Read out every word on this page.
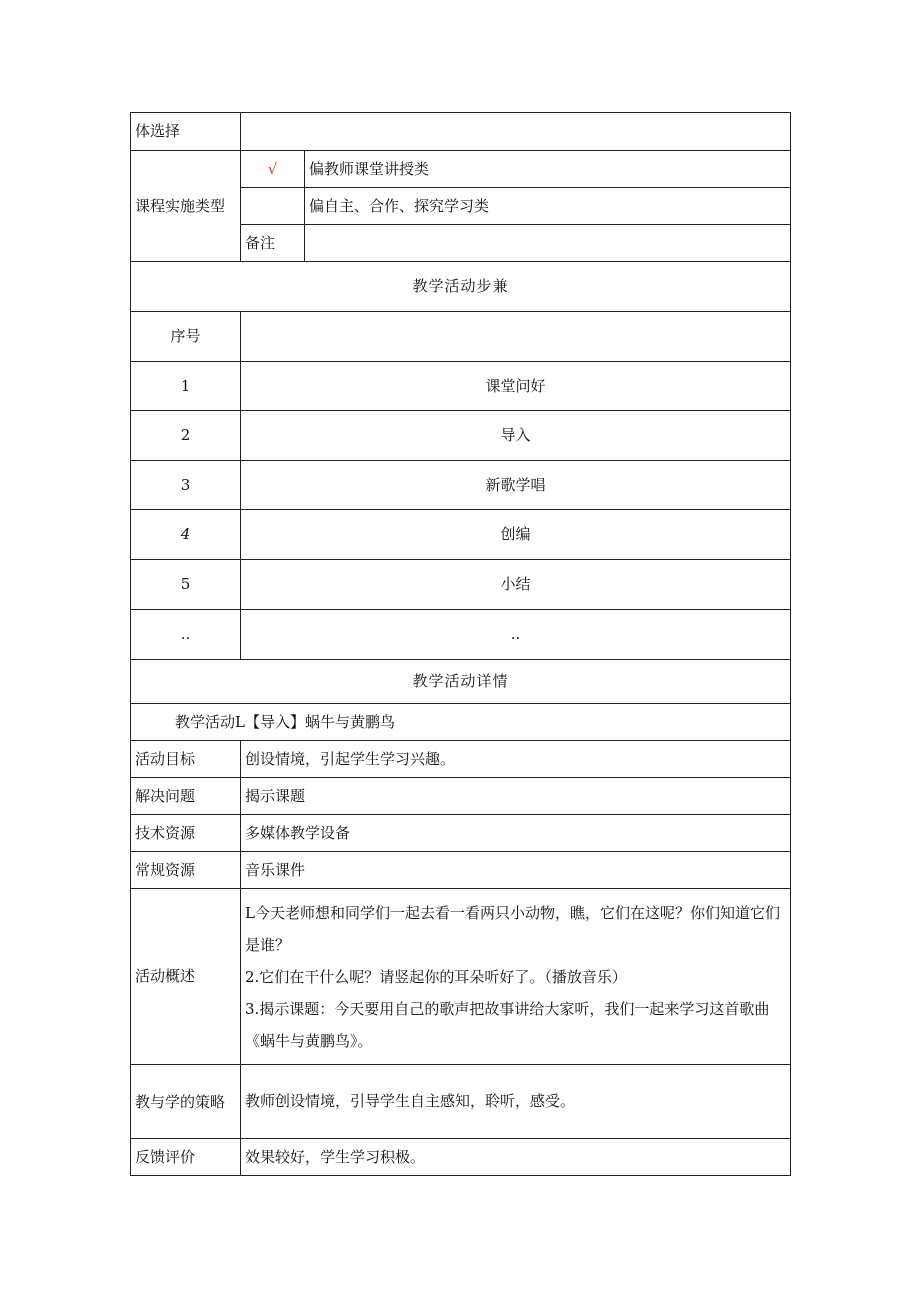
体选择		
课程实施类型	√	偏教师课堂讲授类
		偏自主、合作、探究学习类
	备注	
教学活动步兼	
序号	
1	课堂问好
2	导入
3	新歌学唱
4	创编
5	小结
..	..
教学活动详情	
教学活动L【导入】蜗牛与黄鹏鸟	
活动目标	创设情境，引起学生学习兴趣。
解决问题	揭示课题
技术资源	多媒体教学设备
常规资源	音乐课件
活动概述	L今天老师想和同学们一起去看一看两只小动物，瞧，它们在这呢？你们知道它们是谁？
2.它们在干什么呢？请竖起你的耳朵听好了。（播放音乐）
3.揭示课题：今天要用自己的歌声把故事讲给大家听，我们一起来学习这首歌曲《蜗牛与黄鹏鸟》。

教与学的策略	教师创设情境，引导学生自主感知，聆听，感受。
反馈评价	效果较好，学生学习积极。
